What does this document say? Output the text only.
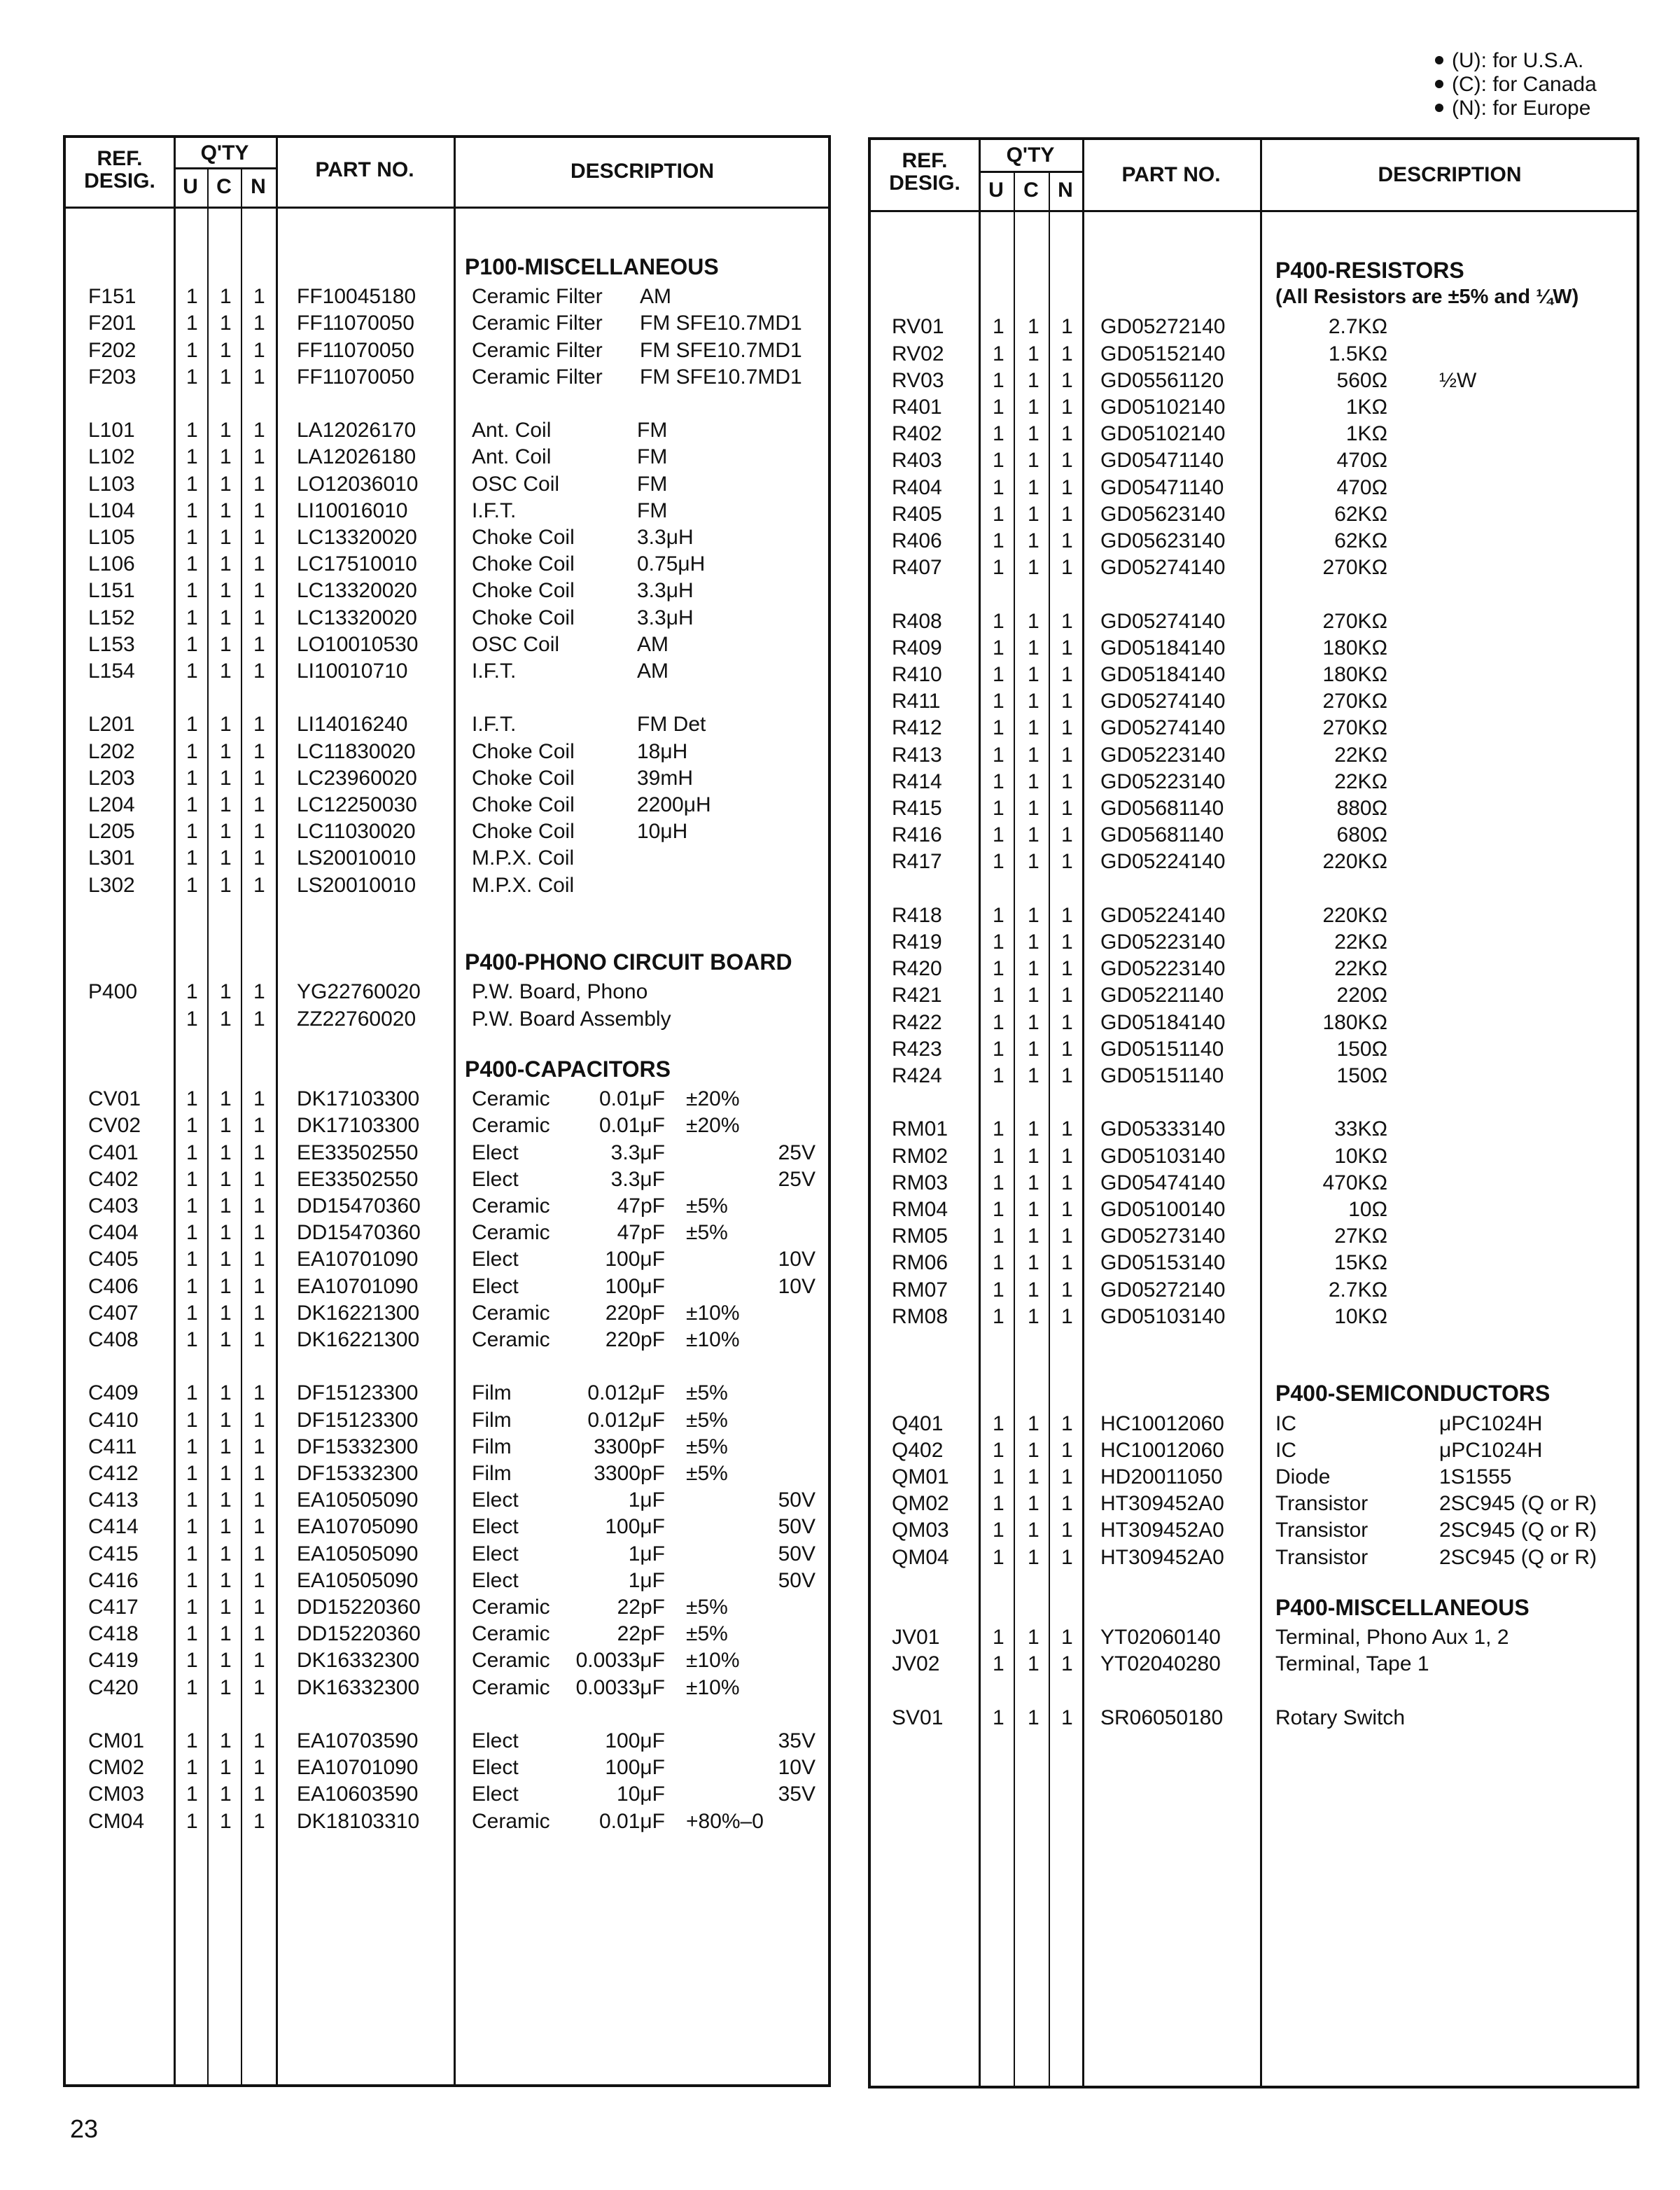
(U): for U.S.A.
(C): for Canada
(N): for Europe
REF.
DESIG.
Q'TY
U C N
PART NO.	DESCRIPTION
P100-MISCELLANEOUS
P400-PHONO CIRCUIT BOARD
P400-CAPACITORS
F151 1 1 1 FF10045180	Ceramic Filter AM
F201 1 1 1 FF11070050	Ceramic Filter FM SFE10.7MD1
F202 1 1 1 FF11070050	Ceramic Filter FM SFE10.7MD1
F203 1 1 1 FF11070050	Ceramic Filter FM SFE10.7MD1
L101 1 1 1 LA12026170	Ant. Coil	FM
L102 1 1 1 LA12026180	Ant. Coil	FM
L103 1 1 1 LO12036010	OSC Coil	FM
L104 1 1 1 LI10016010	I.F.T.	FM
L105 1 1 1 LC13320020	Choke Coil	3.3μH
L106 1 1 1 LC17510010	Choke Coil	0.75μH
L151 1 1 1 LC13320020	Choke Coil	3.3μH
L152 1 1 1 LC13320020	Choke Coil	3.3μH
L153 1 1 1 LO10010530	OSC Coil	AM
L154 1 1 1 LI10010710	I.F.T.	AM
L201 1 1 1 LI14016240	I.F.T.	FM Det
L202 1 1 1 LC11830020	Choke Coil	18μH
L203 1 1 1 LC23960020	Choke Coil	39mH
L204 1 1 1 LC12250030	Choke Coil	2200μH
L205 1 1 1 LC11030020	Choke Coil	10μH
L301 1 1 1 LS20010010	M.P.X. Coil
L302 1 1 1 LS20010010	M.P.X. Coil
P400 1 1 1 YG22760020 P.W. Board, Phono
1 1 1 ZZ22760020	P.W. Board Assembly
CV01 1 1 1 DK17103300 Ceramic 0.01μF ±20%
CV02 1 1 1 DK17103300 Ceramic 0.01μF ±20%
C401 1 1 1 EE33502550	Elect	3.3μF	25V
C402 1 1 1 EE33502550	Elect	3.3μF	25V
C403 1 1 1 DD15470360 Ceramic	47pF ±5%
C404 1 1 1 DD15470360 Ceramic	47pF ±5%
C405 1 1 1 EA10701090	Elect	100μF	10V
C406 1 1 1 EA10701090	Elect	100μF	10V
C407 1 1 1 DK16221300 Ceramic	220pF ±10%
C408 1 1 1 DK16221300 Ceramic	220pF ±10%
C409 1 1 1 DF15123300	Film	0.012μF ±5%
C410 1 1 1 DF15123300	Film	0.012μF ±5%
C411 1 1 1 DF15332300	Film	3300pF ±5%
C412 1 1 1 DF15332300	Film	3300pF ±5%
C413 1 1 1 EA10505090	Elect	1μF	50V
C414 1 1 1 EA10705090	Elect	100μF	50V
C415 1 1 1 EA10505090	Elect	1μF	50V
C416 1 1 1 EA10505090	Elect	1μF	50V
C417 1 1 1 DD15220360 Ceramic	22pF ±5%
C418 1 1 1 DD15220360 Ceramic	22pF ±5%
C419 1 1 1 DK16332300 Ceramic 0.0033μF ±10%
C420 1 1 1 DK16332300 Ceramic 0.0033μF ±10%
CM01 1 1 1 EA10703590	Elect	100μF	35V
CM02 1 1 1 EA10701090	Elect	100μF	10V
CM03 1 1 1 EA10603590	Elect	10μF	35V
CM04 1 1 1 DK18103310 Ceramic 0.01μF +80%–0
REF.
DESIG.
Q'TY
U C N
PART NO.	DESCRIPTION
P400-RESISTORS
P400-SEMICONDUCTORS
P400-MISCELLANEOUS
(All Resistors are ±5% and ¼W)
RV01 1 1 1 GD05272140	2.7KΩ
RV02 1 1 1 GD05152140	1.5KΩ
RV03 1 1 1 GD05561120	560Ω ½W
R401 1 1 1 GD05102140	1KΩ
R402 1 1 1 GD05102140	1KΩ
R403 1 1 1 GD05471140	470Ω
R404 1 1 1 GD05471140	470Ω
R405 1 1 1 GD05623140	62KΩ
R406 1 1 1 GD05623140	62KΩ
R407 1 1 1 GD05274140	270KΩ
R408 1 1 1 GD05274140	270KΩ
R409 1 1 1 GD05184140	180KΩ
R410 1 1 1 GD05184140	180KΩ
R411 1 1 1 GD05274140	270KΩ
R412 1 1 1 GD05274140	270KΩ
R413 1 1 1 GD05223140	22KΩ
R414 1 1 1 GD05223140	22KΩ
R415 1 1 1 GD05681140	880Ω
R416 1 1 1 GD05681140	680Ω
R417 1 1 1 GD05224140	220KΩ
R418 1 1 1 GD05224140	220KΩ
R419 1 1 1 GD05223140	22KΩ
R420 1 1 1 GD05223140	22KΩ
R421 1 1 1 GD05221140	220Ω
R422 1 1 1 GD05184140	180KΩ
R423 1 1 1 GD05151140	150Ω
R424 1 1 1 GD05151140	150Ω
RM01 1 1 1 GD05333140	33KΩ
RM02 1 1 1 GD05103140	10KΩ
RM03 1 1 1 GD05474140	470KΩ
RM04 1 1 1 GD05100140	10Ω
RM05 1 1 1 GD05273140	27KΩ
RM06 1 1 1 GD05153140	15KΩ
RM07 1 1 1 GD05272140	2.7KΩ
RM08 1 1 1 GD05103140	10KΩ
Q401 1 1 1 HC10012060 IC	μPC1024H
Q402 1 1 1 HC10012060 IC	μPC1024H
QM01 1 1 1 HD20011050	Diode	1S1555
QM02 1 1 1 HT309452A0 Transistor	2SC945 (Q or R)
QM03 1 1 1 HT309452A0 Transistor	2SC945 (Q or R)
QM04 1 1 1 HT309452A0 Transistor	2SC945 (Q or R)
JV01	1 1 1 YT02060140	Terminal, Phono Aux 1, 2
JV02	1 1 1 YT02040280	Terminal, Tape 1
SV01 1 1 1 SR06050180 Rotary Switch
23
